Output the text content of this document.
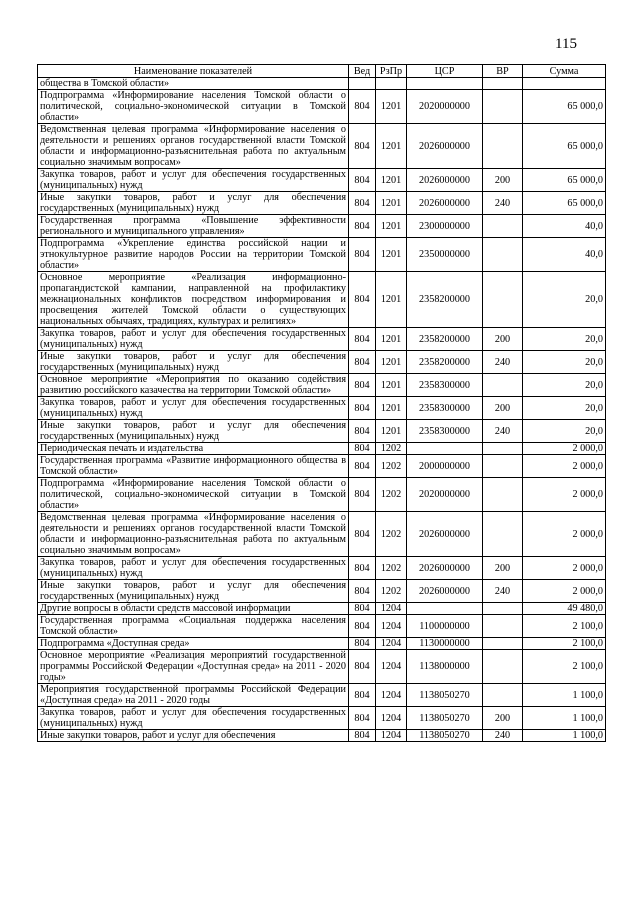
115
Наименование показателей	Вед	РзПр	ЦСР	ВР	Сумма
обществa в Томской области»					
Подпрограмма «Информирование населения Томской области о политической, социально-экономической ситуации в Томской области»	804	1201	2020000000		65 000,0
Ведомственная целевая программа «Информирование населения о деятельности и решениях органов государственной власти Томской области и информационно-разъяснительная работа по актуальным социально значимым вопросам»	804	1201	2026000000		65 000,0
Закупка товаров, работ и услуг для обеспечения государственных (муниципальных) нужд	804	1201	2026000000	200	65 000,0
Иные закупки товаров, работ и услуг для обеспечения государственных (муниципальных) нужд	804	1201	2026000000	240	65 000,0
Государственная программа «Повышение эффективности регионального и муниципального управления»	804	1201	2300000000		40,0
Подпрограмма «Укрепление единства российской нации и этнокультурное развитие народов России на территории Томской области»	804	1201	2350000000		40,0
Основное мероприятие «Реализация информационно-пропагандистской кампании, направленной на профилактику межнациональных конфликтов посредством информирования и просвещения жителей Томской области о существующих национальных обычаях, традициях, культурах и религиях»	804	1201	2358200000		20,0
Закупка товаров, работ и услуг для обеспечения государственных (муниципальных) нужд	804	1201	2358200000	200	20,0
Иные закупки товаров, работ и услуг для обеспечения государственных (муниципальных) нужд	804	1201	2358200000	240	20,0
Основное мероприятие «Мероприятия по оказанию содействия развитию российского казачества на территории Томской области»	804	1201	2358300000		20,0
Закупка товаров, работ и услуг для обеспечения государственных (муниципальных) нужд	804	1201	2358300000	200	20,0
Иные закупки товаров, работ и услуг для обеспечения государственных (муниципальных) нужд	804	1201	2358300000	240	20,0
Периодическая печать и издательства	804	1202			2 000,0
Государственная программа «Развитие информационного общества в Томской области»	804	1202	2000000000		2 000,0
Подпрограмма «Информирование населения Томской области о политической, социально-экономической ситуации в Томской области»	804	1202	2020000000		2 000,0
Ведомственная целевая программа «Информирование населения о деятельности и решениях органов государственной власти Томской области и информационно-разъяснительная работа по актуальным социально значимым вопросам»	804	1202	2026000000		2 000,0
Закупка товаров, работ и услуг для обеспечения государственных (муниципальных) нужд	804	1202	2026000000	200	2 000,0
Иные закупки товаров, работ и услуг для обеспечения государственных (муниципальных) нужд	804	1202	2026000000	240	2 000,0
Другие вопросы в области средств массовой информации	804	1204			49 480,0
Государственная программа «Социальная поддержка населения Томской области»	804	1204	1100000000		2 100,0
Подпрограмма «Доступная среда»	804	1204	1130000000		2 100,0
Основное мероприятие «Реализация мероприятий государственной программы Российской Федерации «Доступная среда» на 2011 - 2020 годы»	804	1204	1138000000		2 100,0
Мероприятия государственной программы Российской Федерации «Доступная среда» на 2011 - 2020 годы	804	1204	1138050270		1 100,0
Закупка товаров, работ и услуг для обеспечения государственных (муниципальных) нужд	804	1204	1138050270	200	1 100,0
Иные закупки товаров, работ и услуг для обеспечения	804	1204	1138050270	240	1 100,0
